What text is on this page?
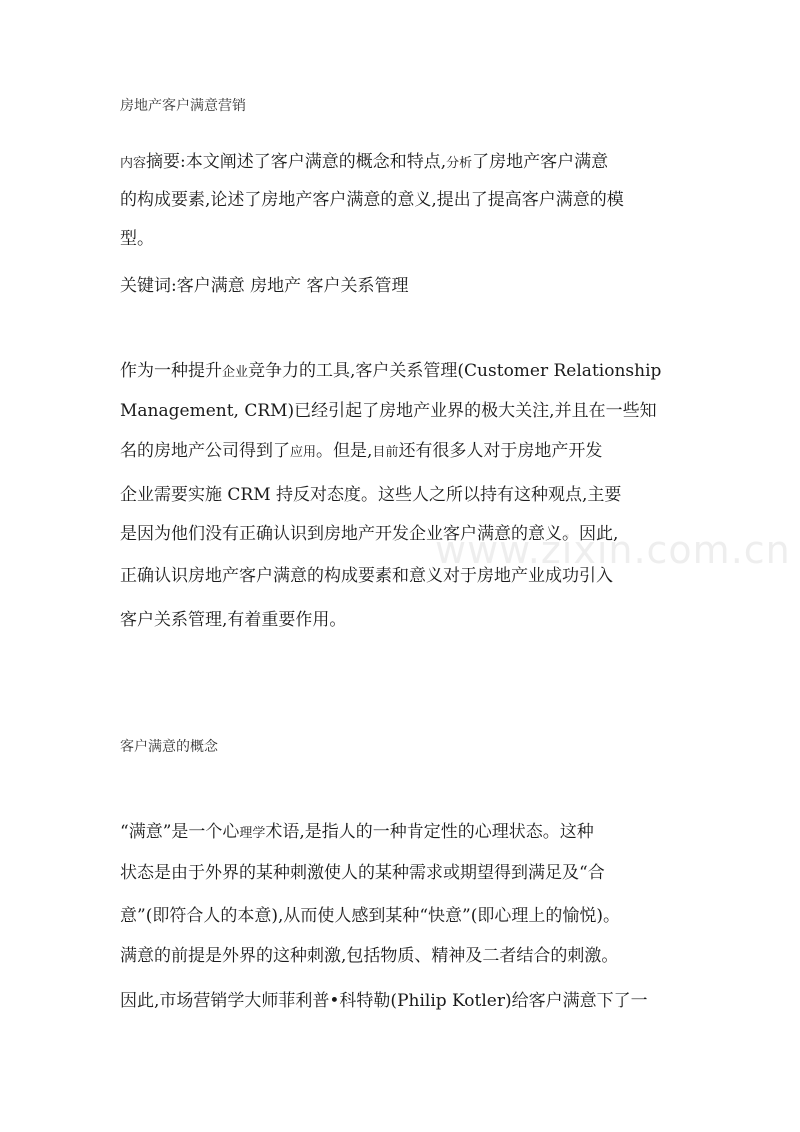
房地产客户满意营销
内容摘要:本文阐述了客户满意的概念和特点,分析了房地产客户满意
的构成要素,论述了房地产客户满意的意义,提出了提高客户满意的模
型。
关键词:客户满意 房地产 客户关系管理
作为一种提升企业竞争力的工具,客户关系管理(Customer Relationship
Management, CRM)已经引起了房地产业界的极大关注,并且在一些知
名的房地产公司得到了应用。但是,目前还有很多人对于房地产开发
企业需要实施 CRM 持反对态度。这些人之所以持有这种观点,主要
是因为他们没有正确认识到房地产开发企业客户满意的意义。因此,
正确认识房地产客户满意的构成要素和意义对于房地产业成功引入
客户关系管理,有着重要作用。
客户满意的概念
“满意”是一个心理学术语,是指人的一种肯定性的心理状态。这种
状态是由于外界的某种刺激使人的某种需求或期望得到满足及“合
意”(即符合人的本意),从而使人感到某种“快意”(即心理上的愉悦)。
满意的前提是外界的这种刺激,包括物质、精神及二者结合的刺激。
因此,市场营销学大师菲利普•科特勒(Philip Kotler)给客户满意下了一
www.zixin.com.cn
